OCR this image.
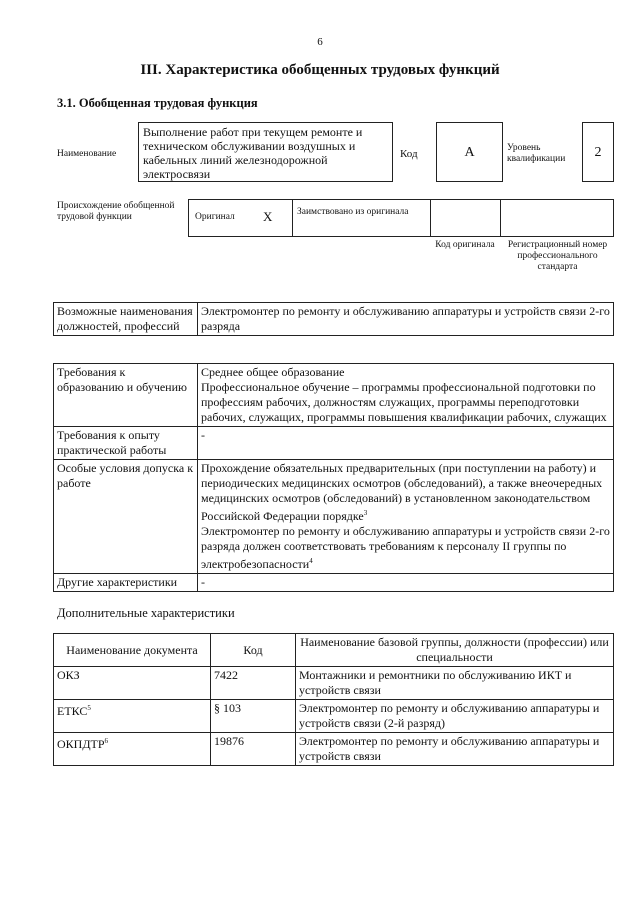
6
III. Характеристика обобщенных трудовых функций
3.1. Обобщенная трудовая функция
Наименование
Выполнение работ при текущем ремонте и техническом обслуживании воздушных и кабельных линий железнодорожной электросвязи
Код	A	Уровень квалификации	2
Происхождение обобщенной трудовой функции	Оригинал X	Заимствовано из оригинала
Код оригинала	Регистрационный номер профессионального стандарта
Возможные наименования должностей, профессий	Электромонтер по ремонту и обслуживанию аппаратуры и устройств связи 2-го разряда
Требования к образованию и обучению	Среднее общее образование
Профессиональное обучение – программы профессиональной подготовки по профессиям рабочих, должностям служащих, программы переподготовки рабочих, служащих, программы повышения квалификации рабочих, служащих
Требования к опыту практической работы	-
Особые условия допуска к работе	Прохождение обязательных предварительных (при поступлении на работу) и периодических медицинских осмотров (обследований), а также внеочередных медицинских осмотров (обследований) в установленном законодательством Российской Федерации порядке$^3$
Электромонтер по ремонту и обслуживанию аппаратуры и устройств связи 2-го разряда должен соответствовать требованиям к персоналу II группы по электробезопасности$^4$
Другие характеристики	-
Дополнительные характеристики
Наименование документа	Код	Наименование базовой группы, должности (профессии) или специальности
ОКЗ	7422	Монтажники и ремонтники по обслуживанию ИКТ и устройств связи
ЕТКС$^5$	§ 103	Электромонтер по ремонту и обслуживанию аппаратуры и устройств связи (2-й разряд)
ОКПДТР$^6$	19876	Электромонтер по ремонту и обслуживанию аппаратуры и устройств связи
